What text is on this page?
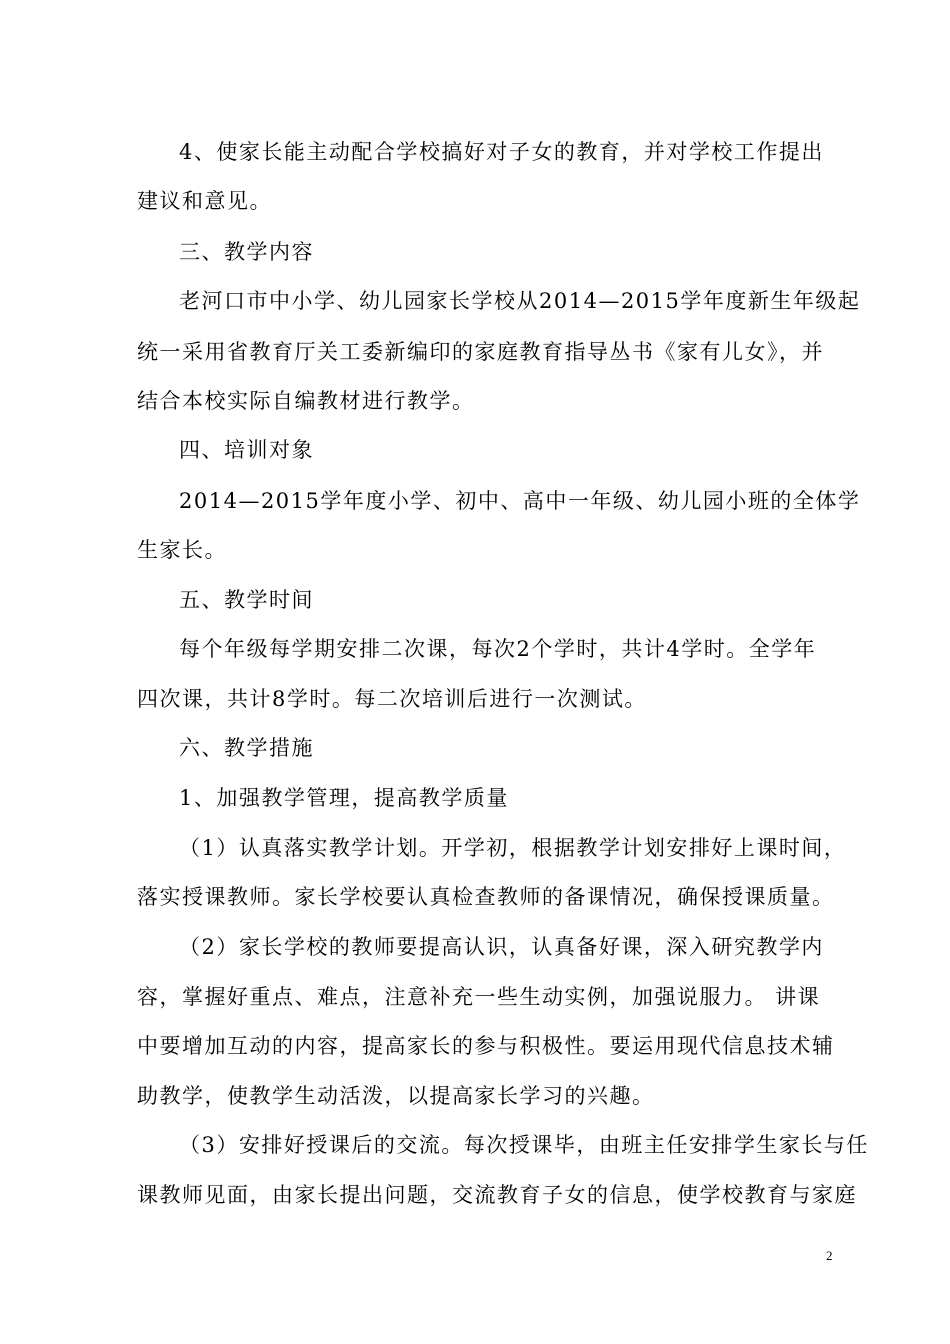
4、使家长能主动配合学校搞好对子女的教育，并对学校工作提出
建议和意见。
三、教学内容
老河口市中小学、幼儿园家长学校从2014—2015学年度新生年级起
统一采用省教育厅关工委新编印的家庭教育指导丛书《家有儿女》，并
结合本校实际自编教材进行教学。
四、培训对象
2014—2015学年度小学、初中、高中一年级、幼儿园小班的全体学
生家长。
五、教学时间
每个年级每学期安排二次课，每次2个学时，共计4学时。全学年
四次课，共计8学时。每二次培训后进行一次测试。
六、教学措施
1、加强教学管理，提高教学质量
（1）认真落实教学计划。开学初，根据教学计划安排好上课时间，
落实授课教师。家长学校要认真检查教师的备课情况，确保授课质量。
（2）家长学校的教师要提高认识，认真备好课，深入研究教学内
容，掌握好重点、难点，注意补充一些生动实例，加强说服力。 讲课
中要增加互动的内容，提高家长的参与积极性。要运用现代信息技术辅
助教学，使教学生动活泼，以提高家长学习的兴趣。
（3）安排好授课后的交流。每次授课毕，由班主任安排学生家长与任
课教师见面，由家长提出问题，交流教育子女的信息，使学校教育与家庭
2
